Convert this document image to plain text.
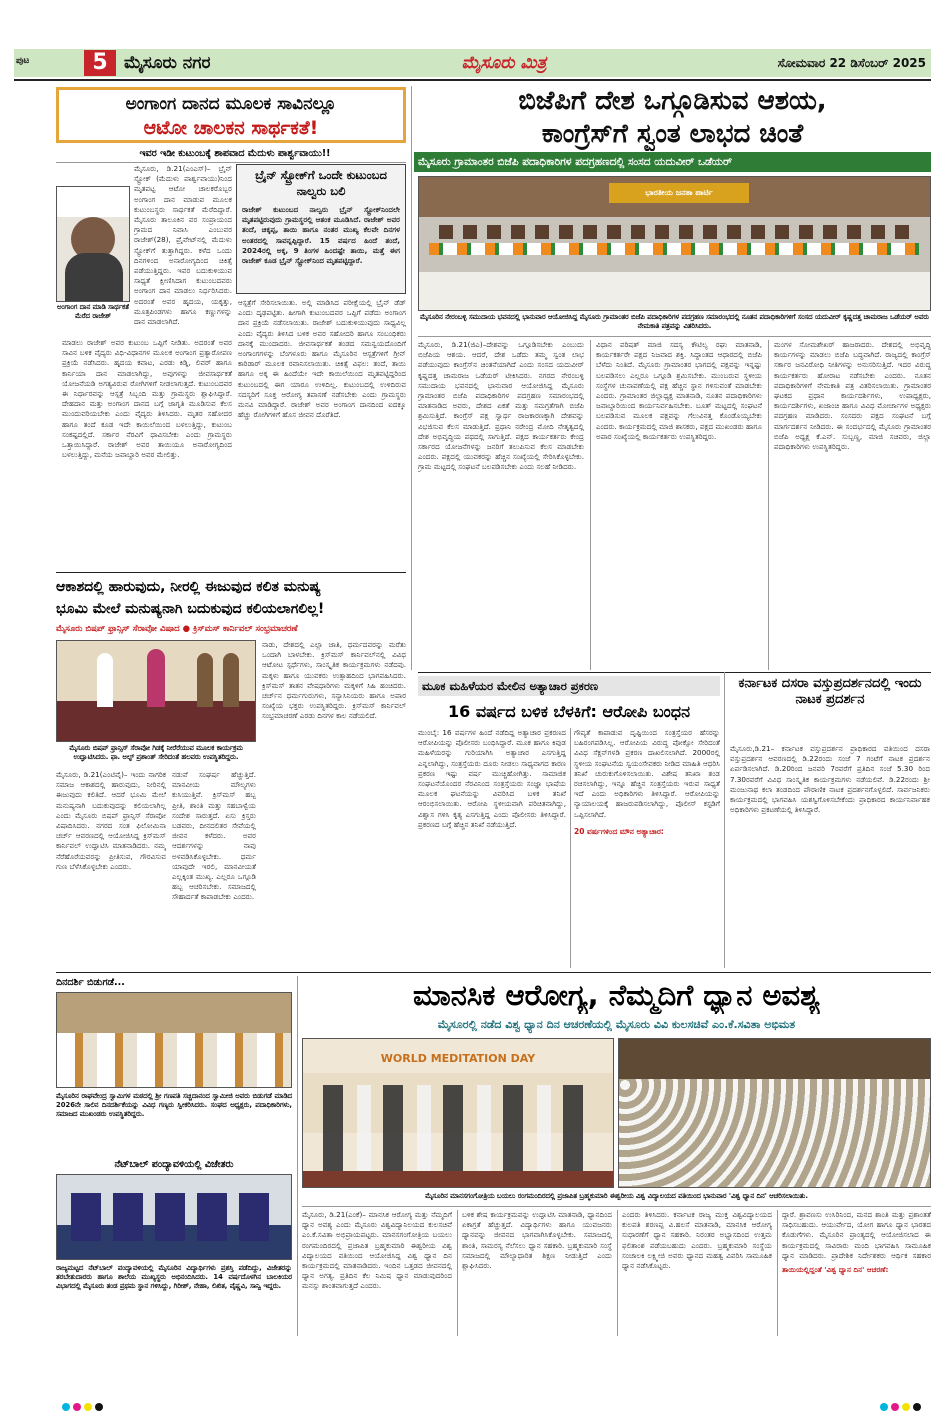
ಪುಟ	5 ಮೈಸೂರು ನಗರ	ಮೈಸೂರು ಮಿತ್ರ	ಸೋಮವಾರ 22 ಡಿಸೆಂಬರ್ 2025
ಅಂಗಾಂಗ ದಾನದ ಮೂಲಕ ಸಾವಿನಲ್ಲೂ
ಆಟೋ ಚಾಲಕನ ಸಾರ್ಥಕತೆ!
ಇವರ ಇಡೀ ಕುಟುಂಬಕ್ಕೆ ಶಾಪವಾದ ಮೆದುಳು ಪಾರ್ಶ್ವವಾಯು!!
ಅಂಗಾಂಗ ದಾನ ಮಾಡಿ ಸಾರ್ಥಕತೆ ಮೆರೆದ ರಾಜೇಶ್
ಮೈಸೂರು, ಡಿ.21(ಎಂಎಸ್‌)– ಬ್ರೈನ್‌ ಸ್ಟ್ರೋಕ್‌ (ಮೆದುಳು ಪಾರ್ಶ್ವವಾಯು)ನಿಂದ ಮೃತಪಟ್ಟ ಆಟೋ ಚಾಲಕರೊಬ್ಬರ ಅಂಗಾಂಗ ದಾನ ಮಾಡುವ ಮೂಲಕ ಕುಟುಂಬಸ್ಥರು ಸಾರ್ಥಕತೆ ಮೆರೆದಿದ್ದಾರೆ. ಮೈಸೂರು ತಾಲೂಕಿನ ವರ ಸಂಪ್ರಾಯಂದ ಗ್ರಾಮದ ನಿವಾಸಿ ಎಂಬುವರ ರಾಜೇಶ್‌(28), ಪ್ರೈವೇಟ್‌ನಲ್ಲಿ ಮೆದುಳು ಸ್ಟ್ರೋಕ್‌ಗೆ ತುತ್ತಾಗಿದ್ದರು. ಕಳೆದ ಒಂದು ದಿನಗಳಿಂದ ಅನಾರೋಗ್ಯದಿಂದ ಚಿಕಿತ್ಸೆ ಪಡೆಯುತ್ತಿದ್ದರು. ಇವರ ಬದುಕುಳಿಯುವ ಸಾಧ್ಯತೆ ಕ್ಷೀಣಿಸಿದಾಗ ಕುಟುಂಬದವರು ಅಂಗಾಂಗ ದಾನ ಮಾಡಲು ನಿರ್ಧರಿಸಿದರು. ಅದರಂತೆ ಅವರ ಹೃದಯ, ಯಕೃತ್ತು, ಮೂತ್ರಪಿಂಡಗಳು ಹಾಗೂ ಕಣ್ಣುಗಳನ್ನು ದಾನ ಮಾಡಲಾಗಿದೆ.
ಮಾಡಲು ರಾಜೇಶ್ ಅವರ ಕುಟುಂಬ ಒಪ್ಪಿಗೆ ನೀಡಿತು. ಅದರಂತೆ ಅವರ ಸಾವಿನ ಬಳಿಕ ವೈದ್ಯರು ವಿಧಿ-ವಿಧಾನಗಳ ಮೂಲಕ ಅಂಗಾಂಗ ಪ್ರತ್ಯಾರೋಪಣ ಪ್ರಕ್ರಿಯೆ ನಡೆಸಿದರು. ಹೃದಯ ಕವಾಟ, ಎರಡು ಕಿಡ್ನಿ, ಲಿವರ್‌ ಹಾಗೂ ಕಾರ್ನಿಯಾ ದಾನ ಮಾಡಲಾಗಿದ್ದು, ಅವುಗಳನ್ನು ಜೀವಸಾರ್ಥಕತೆ ಯೋಜನೆಯಡಿ ಅಗತ್ಯವಿರುವ ರೋಗಿಗಳಿಗೆ ನೀಡಲಾಗುತ್ತದೆ. ಕುಟುಂಬದವರ ಈ ನಿರ್ಧಾರವನ್ನು ಆಸ್ಪತ್ರೆ ಸಿಬ್ಬಂದಿ ಮತ್ತು ಗ್ರಾಮಸ್ಥರು ಶ್ಲಾಘಿಸಿದ್ದಾರೆ. ದೇಹದಾನ ಮತ್ತು ಅಂಗಾಂಗ ದಾನದ ಬಗ್ಗೆ ಜಾಗೃತಿ ಮೂಡಿಸುವ ಕೆಲಸ ಮುಂದುವರಿಯಬೇಕು ಎಂದು ವೈದ್ಯರು ತಿಳಿಸಿದರು. ಮೃತರ ಸಹೋದರ ಹಾಗೂ ತಂದೆ ಕೂಡ ಇದೇ ಕಾಯಿಲೆಯಿಂದ ಬಳಲುತ್ತಿದ್ದು, ಕುಟುಂಬ ಸಂಕಷ್ಟದಲ್ಲಿದೆ. ಸರ್ಕಾರ ನೆರವಿಗೆ ಧಾವಿಸಬೇಕು ಎಂದು ಗ್ರಾಮಸ್ಥರು ಒತ್ತಾಯಿಸಿದ್ದಾರೆ. ರಾಜೇಶ್ ಅವರ ತಾಯಿಯೂ ಅನಾರೋಗ್ಯದಿಂದ ಬಳಲುತ್ತಿದ್ದು, ಮನೆಯ ಜವಾಬ್ದಾರಿ ಅವರ ಮೇಲಿತ್ತು.
ಬ್ರೈನ್‌ ಸ್ಟ್ರೋಕ್‌ಗೆ ಒಂದೇ ಕುಟುಂಬದ ನಾಲ್ವರು ಬಲಿ
ರಾಜೇಶ್‌ ಕುಟುಂಬದ ನಾಲ್ವರು ಬ್ರೈನ್‌ ಸ್ಟ್ರೋಕ್‌ನಿಂದಲೇ ಮೃತಪಟ್ಟಿರುವುದು ಗ್ರಾಮಸ್ಥರಲ್ಲಿ ಆತಂಕ ಮೂಡಿಸಿದೆ. ರಾಜೇಶ್‌ ಅವರ ತಂದೆ, ಚಿಕ್ಕಪ್ಪ, ತಾಯಿ ಹಾಗೂ ನಂತರ ಮುಖ್ಯ ಕೆಲವೇ ದಿನಗಳ ಅಂತರದಲ್ಲಿ ಸಾವನ್ನಪ್ಪಿದ್ದಾರೆ. 15 ವರ್ಷದ ಹಿಂದೆ ತಂದೆ, 2024ರಲ್ಲಿ ಅಕ್ಕ, 9 ತಿಂಗಳ ಹಿಂದಷ್ಟೇ ತಾಯಿ, ಮತ್ತೆ ಈಗ ರಾಜೇಶ್‌ ಕೂಡ ಬ್ರೈನ್‌ ಸ್ಟ್ರೋಕ್‌ನಿಂದ ಮೃತಪಟ್ಟಿದ್ದಾರೆ.
ಆಸ್ಪತ್ರೆಗೆ ಸೇರಿಸಲಾಯಿತು. ಅಲ್ಲಿ ಮಾಡಿಸಿದ ಪರೀಕ್ಷೆಯಲ್ಲಿ ಬ್ರೈನ್‌ ಡೆಡ್‌ ಎಂದು ದೃಢಪಟ್ಟಿತು. ಹೀಗಾಗಿ ಕುಟುಂಬದವರ ಒಪ್ಪಿಗೆ ಪಡೆದು ಅಂಗಾಂಗ ದಾನ ಪ್ರಕ್ರಿಯೆ ನಡೆಸಲಾಯಿತು. ರಾಜೇಶ್‌ ಬದುಕುಳಿಯುವುದು ಸಾಧ್ಯವಿಲ್ಲ ಎಂದು ವೈದ್ಯರು ತಿಳಿಸಿದ ಬಳಿಕ ಅವರ ಸಹೋದರಿ ಹಾಗೂ ಸಂಬಂಧಿಕರು ದಾನಕ್ಕೆ ಮುಂದಾದರು. ಜೀವಸಾರ್ಥಕತೆ ತಂಡದ ಸಮನ್ವಯದೊಂದಿಗೆ ಅಂಗಾಂಗಗಳನ್ನು ಬೆಂಗಳೂರು ಹಾಗೂ ಮೈಸೂರಿನ ಆಸ್ಪತ್ರೆಗಳಿಗೆ ಗ್ರೀನ್‌ ಕಾರಿಡಾರ್‌ ಮೂಲಕ ರವಾನಿಸಲಾಯಿತು. ಚಿಕಿತ್ಸೆ ವಿಫಲ: ತಂದೆ, ತಾಯಿ ಹಾಗೂ ಅಕ್ಕ ಈ ಹಿಂದೆಯೇ ಇದೇ ಕಾಯಿಲೆಯಿಂದ ಮೃತಪಟ್ಟಿದ್ದರಿಂದ ಕುಟುಂಬದಲ್ಲಿ ಈಗ ಯಾರೂ ಉಳಿದಿಲ್ಲ. ಕುಟುಂಬದಲ್ಲಿ ಉಳಿದಿರುವ ಸದಸ್ಯರಿಗೆ ಸೂಕ್ತ ಆರೋಗ್ಯ ತಪಾಸಣೆ ನಡೆಸಬೇಕು ಎಂದು ಗ್ರಾಮಸ್ಥರು ಮನವಿ ಮಾಡಿದ್ದಾರೆ. ರಾಜೇಶ್‌ ಅವರ ಅಂಗಾಂಗ ದಾನದಿಂದ ಐದಕ್ಕೂ ಹೆಚ್ಚು ರೋಗಿಗಳಿಗೆ ಹೊಸ ಜೀವನ ದೊರೆತಿದೆ.
ಬಿಜೆಪಿಗೆ ದೇಶ ಒಗ್ಗೂಡಿಸುವ ಆಶಯ,
ಕಾಂಗ್ರೆಸ್‌ಗೆ ಸ್ವಂತ ಲಾಭದ ಚಿಂತೆ
ಮೈಸೂರು ಗ್ರಾಮಾಂತರ ಬಿಜೆಪಿ ಪದಾಧಿಕಾರಿಗಳ ಪದಗ್ರಹಣದಲ್ಲಿ ಸಂಸದ ಯದುವೀರ್‌ ಒಡೆಯರ್‌
ಭಾರತೀಯ ಜನತಾ ಪಾರ್ಟಿ
ಮೈಸೂರಿನ ನೇರಂಬಳ್ಳಿ ಸಮುದಾಯ ಭವನದಲ್ಲಿ ಭಾನುವಾರ ಆಯೋಜಿಸಿದ್ದ ಮೈಸೂರು ಗ್ರಾಮಾಂತರ ಬಿಜೆಪಿ ಪದಾಧಿಕಾರಿಗಳ ಪದಗ್ರಹಣ ಸಮಾರಂಭದಲ್ಲಿ ನೂತನ ಪದಾಧಿಕಾರಿಗಳಿಗೆ ಸಂಸದ ಯದುವೀರ್‌ ಕೃಷ್ಣದತ್ತ ಚಾಮರಾಜ ಒಡೆಯರ್‌ ಅವರು ನೇಮಕಾತಿ ಪತ್ರವನ್ನು ವಿತರಿಸಿದರು.
ಮೈಸೂರು, ಡಿ.21(ಜಿಎ)–ದೇಶವನ್ನು ಒಗ್ಗೂಡಿಸಬೇಕು ಎಂಬುದು ಬಿಜೆಪಿಯ ಆಶಯ. ಆದರೆ, ದೇಶ ಒಡೆದು ತಮ್ಮ ಸ್ವಂತ ಲಾಭ ಪಡೆಯುವುದು ಕಾಂಗ್ರೆಸ್‌ನ ಚಿಂತನೆಯಾಗಿದೆ ಎಂದು ಸಂಸದ ಯದುವೀರ್‌ ಕೃಷ್ಣದತ್ತ ಚಾಮರಾಜ ಒಡೆಯರ್‌ ಟೀಕಿಸಿದರು. ನಗರದ ನೇರಂಬಳ್ಳಿ ಸಮುದಾಯ ಭವನದಲ್ಲಿ ಭಾನುವಾರ ಆಯೋಜಿಸಿದ್ದ ಮೈಸೂರು ಗ್ರಾಮಾಂತರ ಬಿಜೆಪಿ ಪದಾಧಿಕಾರಿಗಳ ಪದಗ್ರಹಣ ಸಮಾರಂಭದಲ್ಲಿ ಮಾತನಾಡಿದ ಅವರು, ದೇಶದ ಏಕತೆ ಮತ್ತು ಸಮಗ್ರತೆಗಾಗಿ ಬಿಜೆಪಿ ಶ್ರಮಿಸುತ್ತಿದೆ. ಕಾಂಗ್ರೆಸ್‌ ಪಕ್ಷ ಸ್ವಾರ್ಥ ರಾಜಕಾರಣಕ್ಕಾಗಿ ದೇಶವನ್ನು ವಿಭಜಿಸುವ ಕೆಲಸ ಮಾಡುತ್ತಿದೆ. ಪ್ರಧಾನಿ ನರೇಂದ್ರ ಮೋದಿ ನೇತೃತ್ವದಲ್ಲಿ ದೇಶ ಅಭಿವೃದ್ಧಿಯ ಪಥದಲ್ಲಿ ಸಾಗುತ್ತಿದೆ. ಪಕ್ಷದ ಕಾರ್ಯಕರ್ತರು ಕೇಂದ್ರ ಸರ್ಕಾರದ ಯೋಜನೆಗಳನ್ನು ಜನರಿಗೆ ತಲುಪಿಸುವ ಕೆಲಸ ಮಾಡಬೇಕು ಎಂದರು. ಪಕ್ಷದಲ್ಲಿ ಯುವಕರನ್ನು ಹೆಚ್ಚಿನ ಸಂಖ್ಯೆಯಲ್ಲಿ ಸೇರಿಸಿಕೊಳ್ಳಬೇಕು. ಗ್ರಾಮ ಮಟ್ಟದಲ್ಲಿ ಸಂಘಟನೆ ಬಲಪಡಿಸಬೇಕು ಎಂದು ಸಲಹೆ ನೀಡಿದರು.
ವಿಧಾನ ಪರಿಷತ್‌ ಮಾಜಿ ಸದಸ್ಯ ಕೌಟಿಲ್ಯ ರಘು ಮಾತನಾಡಿ, ಕಾರ್ಯಕರ್ತರೇ ಪಕ್ಷದ ನಿಜವಾದ ಶಕ್ತಿ. ಸಿದ್ಧಾಂತದ ಆಧಾರದಲ್ಲಿ ಬಿಜೆಪಿ ಬೆಳೆದು ನಿಂತಿದೆ. ಮೈಸೂರು ಗ್ರಾಮಾಂತರ ಭಾಗದಲ್ಲಿ ಪಕ್ಷವನ್ನು ಇನ್ನಷ್ಟು ಬಲಪಡಿಸಲು ಎಲ್ಲರೂ ಒಗ್ಗೂಡಿ ಶ್ರಮಿಸಬೇಕು. ಮುಂಬರುವ ಸ್ಥಳೀಯ ಸಂಸ್ಥೆಗಳ ಚುನಾವಣೆಯಲ್ಲಿ ಪಕ್ಷ ಹೆಚ್ಚಿನ ಸ್ಥಾನ ಗಳಿಸುವಂತೆ ಮಾಡಬೇಕು ಎಂದರು. ಗ್ರಾಮಾಂತರ ಜಿಲ್ಲಾಧ್ಯಕ್ಷ ಮಾತನಾಡಿ, ನೂತನ ಪದಾಧಿಕಾರಿಗಳು ಜವಾಬ್ದಾರಿಯಿಂದ ಕಾರ್ಯನಿರ್ವಹಿಸಬೇಕು. ಬೂತ್‌ ಮಟ್ಟದಲ್ಲಿ ಸಂಘಟನೆ ಬಲಪಡಿಸುವ ಮೂಲಕ ಪಕ್ಷವನ್ನು ಗೆಲುವಿನತ್ತ ಕೊಂಡೊಯ್ಯಬೇಕು ಎಂದರು. ಕಾರ್ಯಕ್ರಮದಲ್ಲಿ ಮಾಜಿ ಶಾಸಕರು, ಪಕ್ಷದ ಮುಖಂಡರು ಹಾಗೂ ಅಪಾರ ಸಂಖ್ಯೆಯಲ್ಲಿ ಕಾರ್ಯಕರ್ತರು ಉಪಸ್ಥಿತರಿದ್ದರು.
ಮಂಗಳ ಸೋಮಶೇಖರ್‌ ಹಾಜರಾದರು. ದೇಶದಲ್ಲಿ ಅಭಿವೃದ್ಧಿ ಕಾರ್ಯಗಳನ್ನು ಮಾಡಲು ಬಿಜೆಪಿ ಬದ್ಧವಾಗಿದೆ. ರಾಜ್ಯದಲ್ಲಿ ಕಾಂಗ್ರೆಸ್‌ ಸರ್ಕಾರ ಜನವಿರೋಧಿ ನೀತಿಗಳನ್ನು ಅನುಸರಿಸುತ್ತಿದೆ. ಇದರ ವಿರುದ್ಧ ಕಾರ್ಯಕರ್ತರು ಹೋರಾಟ ನಡೆಸಬೇಕು ಎಂದರು. ನೂತನ ಪದಾಧಿಕಾರಿಗಳಿಗೆ ನೇಮಕಾತಿ ಪತ್ರ ವಿತರಿಸಲಾಯಿತು. ಗ್ರಾಮಾಂತರ ಘಟಕದ ಪ್ರಧಾನ ಕಾರ್ಯದರ್ಶಿಗಳು, ಉಪಾಧ್ಯಕ್ಷರು, ಕಾರ್ಯದರ್ಶಿಗಳು, ಖಜಾಂಚಿ ಹಾಗೂ ವಿವಿಧ ಮೋರ್ಚಾಗಳ ಅಧ್ಯಕ್ಷರು ಪದಗ್ರಹಣ ಮಾಡಿದರು. ಸಂಸದರು ಪಕ್ಷದ ಸಂಘಟನೆ ಬಗ್ಗೆ ಮಾರ್ಗದರ್ಶನ ನೀಡಿದರು. ಈ ಸಂದರ್ಭದಲ್ಲಿ ಮೈಸೂರು ಗ್ರಾಮಾಂತರ ಬಿಜೆಪಿ ಅಧ್ಯಕ್ಷ ಕೆ.ಎನ್‌. ಸುಬ್ಬಣ್ಣ, ಮಾಜಿ ಸಚಿವರು, ಜಿಲ್ಲಾ ಪದಾಧಿಕಾರಿಗಳು ಉಪಸ್ಥಿತರಿದ್ದರು.
ಆಕಾಶದಲ್ಲಿ ಹಾರುವುದು, ನೀರಲ್ಲಿ ಈಜುವುದ ಕಲಿತ ಮನುಷ್ಯ
ಭೂಮಿ ಮೇಲೆ ಮನುಷ್ಯನಾಗಿ ಬದುಕುವುದ ಕಲಿಯಲಾಗಲಿಲ್ಲ!
ಮೈಸೂರು ಬಿಷಪ್‌ ಫ್ರಾನ್ಸಿಸ್‌ ಸೆರಾವೋ ವಿಷಾದ ● ಕ್ರಿಸ್‌ಮಸ್‌ ಕಾರ್ನಿವಲ್‌ ಸಂಭ್ರಮಾಚರಣೆ
ಮೈಸೂರು ಬಿಷಪ್‌ ಫ್ರಾನ್ಸಿಸ್‌ ಸೆರಾವೋ ಗಿಡಕ್ಕೆ ನೀರೆರೆಯುವ ಮೂಲಕ ಕಾರ್ಯಕ್ರಮ ಉದ್ಘಾಟಿಸಿದರು. ಫಾ. ಅಲ್ಫ್‌ ಪ್ರಶಾಂತ್‌ ಸೇರಿದಂತೆ ಹಲವರು ಉಪಸ್ಥಿತರಿದ್ದರು.
ಮೈಸೂರು, ಡಿ.21(ಎಂಟಿವೈ)– ಇಂದು ನಾಗರಿಕ ಸಮಾಜ ಆಕಾಶದಲ್ಲಿ ಹಾರುವುದು, ನೀರಿನಲ್ಲಿ ಈಜುವುದು ಕಲಿತಿದೆ. ಆದರೆ ಭೂಮಿ ಮೇಲೆ ಮನುಷ್ಯನಾಗಿ ಬದುಕುವುದನ್ನು ಕಲಿಯಲಾಗಿಲ್ಲ ಎಂದು ಮೈಸೂರು ಬಿಷಪ್‌ ಫ್ರಾನ್ಸಿಸ್‌ ಸೆರಾವೋ ವಿಷಾದಿಸಿದರು. ನಗರದ ಸಂತ ಫಿಲೋಮಿನಾ ಚರ್ಚ್‌ ಆವರಣದಲ್ಲಿ ಆಯೋಜಿಸಿದ್ದ ಕ್ರಿಸ್‌ಮಸ್‌ ಕಾರ್ನಿವಲ್‌ ಉದ್ಘಾಟಿಸಿ ಮಾತನಾಡಿದರು. ನಮ್ಮ ನೆರೆಹೊರೆಯವರನ್ನು ಪ್ರೀತಿಸುವ, ಗೌರವಿಸುವ ಗುಣ ಬೆಳೆಸಿಕೊಳ್ಳಬೇಕು ಎಂದರು.
ನಡುವೆ ಸಂಘರ್ಷ ಹೆಚ್ಚುತ್ತಿದೆ. ಮಾನವೀಯ ಮೌಲ್ಯಗಳು ಕುಸಿಯುತ್ತಿವೆ. ಕ್ರಿಸ್‌ಮಸ್‌ ಹಬ್ಬ ಪ್ರೀತಿ, ಶಾಂತಿ ಮತ್ತು ಸಹಬಾಳ್ವೆಯ ಸಂದೇಶ ಸಾರುತ್ತದೆ. ಏಸು ಕ್ರಿಸ್ತರು ಬಡವರು, ದೀನದಲಿತರ ಸೇವೆಯಲ್ಲಿ ಜೀವನ ಕಳೆದರು. ಅವರ ಆದರ್ಶಗಳನ್ನು ನಾವು ಅಳವಡಿಸಿಕೊಳ್ಳಬೇಕು. ಧರ್ಮ ಯಾವುದೇ ಇರಲಿ, ಮಾನವೀಯತೆ ಎಲ್ಲಕ್ಕಿಂತ ಮುಖ್ಯ. ಎಲ್ಲರೂ ಒಗ್ಗೂಡಿ ಹಬ್ಬ ಆಚರಿಸಬೇಕು. ಸಮಾಜದಲ್ಲಿ ಸೌಹಾರ್ದತೆ ಕಾಪಾಡಬೇಕು ಎಂದರು.
ನಾಡು, ದೇಶದಲ್ಲಿ ಎಲ್ಲಾ ಜಾತಿ, ಧರ್ಮದವರನ್ನು ಮರೆತು ಒಂದಾಗಿ ಬಾಳಬೇಕು. ಕ್ರಿಸ್‌ಮಸ್‌ ಕಾರ್ನಿವಲ್‌ನಲ್ಲಿ ವಿವಿಧ ಆಟೋಟ ಸ್ಪರ್ಧೆಗಳು, ಸಾಂಸ್ಕೃತಿಕ ಕಾರ್ಯಕ್ರಮಗಳು ನಡೆದವು. ಮಕ್ಕಳು ಹಾಗೂ ಯುವಕರು ಉತ್ಸಾಹದಿಂದ ಭಾಗವಹಿಸಿದರು. ಕ್ರಿಸ್‌ಮಸ್‌ ತಾತನ ವೇಷಧಾರಿಗಳು ಮಕ್ಕಳಿಗೆ ಸಿಹಿ ಹಂಚಿದರು. ಚರ್ಚ್‌ನ ಧರ್ಮಗುರುಗಳು, ಸನ್ಯಾಸಿನಿಯರು ಹಾಗೂ ಅಪಾರ ಸಂಖ್ಯೆಯ ಭಕ್ತರು ಉಪಸ್ಥಿತರಿದ್ದರು. ಕ್ರಿಸ್‌ಮಸ್‌ ಕಾರ್ನಿವಲ್‌ ಸಂಭ್ರಮಾಚರಣೆ ಎರಡು ದಿನಗಳ ಕಾಲ ನಡೆಯಲಿದೆ.
ಮೂಕ ಮಹಿಳೆಯರ ಮೇಲಿನ ಅತ್ಯಾಚಾರ ಪ್ರಕರಣ
16 ವರ್ಷದ ಬಳಿಕ ಬೆಳಕಿಗೆ: ಆರೋಪಿ ಬಂಧನ
ಮುಂಬೈ: 16 ವರ್ಷಗಳ ಹಿಂದೆ ನಡೆದಿದ್ದ ಅತ್ಯಾಚಾರ ಪ್ರಕರಣದ ಆರೋಪಿಯನ್ನು ಪೊಲೀಸರು ಬಂಧಿಸಿದ್ದಾರೆ. ಮೂಕ ಹಾಗೂ ಕಿವುಡ ಮಹಿಳೆಯರನ್ನು ಗುರಿಯಾಗಿಸಿ ಅತ್ಯಾಚಾರ ಎಸಗುತ್ತಿದ್ದ ಎನ್ನಲಾಗಿದ್ದು, ಸಂತ್ರಸ್ತೆಯರು ದೂರು ನೀಡಲು ಸಾಧ್ಯವಾಗದ ಕಾರಣ ಪ್ರಕರಣ ಇಷ್ಟು ವರ್ಷ ಮುಚ್ಚಿಹೋಗಿತ್ತು. ಸಾಮಾಜಿಕ ಸಂಘಟನೆಯೊಂದರ ನೆರವಿನಿಂದ ಸಂತ್ರಸ್ತೆಯರು ಸಂಜ್ಞಾ ಭಾಷೆಯ ಮೂಲಕ ಘಟನೆಯನ್ನು ವಿವರಿಸಿದ ಬಳಿಕ ತನಿಖೆ ಆರಂಭಿಸಲಾಯಿತು. ಆರೋಪಿ ಸ್ಥಳೀಯವಾಗಿ ಪರಿಚಿತನಾಗಿದ್ದು, ವಿಶ್ವಾಸ ಗಳಿಸಿ ಕೃತ್ಯ ಎಸಗುತ್ತಿದ್ದ ಎಂದು ಪೊಲೀಸರು ತಿಳಿಸಿದ್ದಾರೆ. ಪ್ರಕರಣದ ಬಗ್ಗೆ ಹೆಚ್ಚಿನ ತನಿಖೆ ನಡೆಯುತ್ತಿದೆ.
20 ವರ್ಷಗಳಿಂದ ಮೌನ ಅತ್ಯಾಚಾರ:
ಗೌಪ್ಯತೆ ಕಾಪಾಡುವ ದೃಷ್ಟಿಯಿಂದ ಸಂತ್ರಸ್ತೆಯರ ಹೆಸರನ್ನು ಬಹಿರಂಗಪಡಿಸಿಲ್ಲ. ಆರೋಪಿಯ ವಿರುದ್ಧ ಪೋಕ್ಸೋ ಸೇರಿದಂತೆ ವಿವಿಧ ಸೆಕ್ಷನ್‌ಗಳಡಿ ಪ್ರಕರಣ ದಾಖಲಿಸಲಾಗಿದೆ. 2000ರಲ್ಲಿ ಸ್ಥಳೀಯ ಸಂಘಟನೆಯ ಸ್ವಯಂಸೇವಕರು ನೀಡಿದ ಮಾಹಿತಿ ಆಧರಿಸಿ ತನಿಖೆ ಚುರುಕುಗೊಳಿಸಲಾಯಿತು. ವಿಶೇಷ ತನಿಖಾ ತಂಡ ರಚಿಸಲಾಗಿದ್ದು, ಇನ್ನೂ ಹೆಚ್ಚಿನ ಸಂತ್ರಸ್ತೆಯರು ಇರುವ ಸಾಧ್ಯತೆ ಇದೆ ಎಂದು ಅಧಿಕಾರಿಗಳು ತಿಳಿಸಿದ್ದಾರೆ. ಆರೋಪಿಯನ್ನು ನ್ಯಾಯಾಲಯಕ್ಕೆ ಹಾಜರುಪಡಿಸಲಾಗಿದ್ದು, ಪೊಲೀಸ್‌ ಕಸ್ಟಡಿಗೆ ಒಪ್ಪಿಸಲಾಗಿದೆ.
ಕರ್ನಾಟಕ ದಸರಾ ವಸ್ತುಪ್ರದರ್ಶನದಲ್ಲಿ ಇಂದು ನಾಟಕ ಪ್ರದರ್ಶನ
ಮೈಸೂರು,ಡಿ.21– ಕರ್ನಾಟಕ ವಸ್ತುಪ್ರದರ್ಶನ ಪ್ರಾಧಿಕಾರದ ವತಿಯಿಂದ ದಸರಾ ವಸ್ತುಪ್ರದರ್ಶನ ಆವರಣದಲ್ಲಿ ಡಿ.22ರಂದು ಸಂಜೆ 7 ಗಂಟೆಗೆ ನಾಟಕ ಪ್ರದರ್ಶನ ಏರ್ಪಡಿಸಲಾಗಿದೆ. ಡಿ.20ರಿಂದ ಜನವರಿ 7ರವರೆಗೆ ಪ್ರತಿದಿನ ಸಂಜೆ 5.30 ರಿಂದ 7.30ರವರೆಗೆ ವಿವಿಧ ಸಾಂಸ್ಕೃತಿಕ ಕಾರ್ಯಕ್ರಮಗಳು ನಡೆಯಲಿವೆ. ಡಿ.22ರಂದು ಶ್ರೀ ಮಂಜುನಾಥ ಕಲಾ ತಂಡದಿಂದ ಪೌರಾಣಿಕ ನಾಟಕ ಪ್ರದರ್ಶನಗೊಳ್ಳಲಿದೆ. ಸಾರ್ವಜನಿಕರು ಕಾರ್ಯಕ್ರಮದಲ್ಲಿ ಭಾಗವಹಿಸಿ ಯಶಸ್ವಿಗೊಳಿಸಬೇಕೆಂದು ಪ್ರಾಧಿಕಾರದ ಕಾರ್ಯನಿರ್ವಾಹಕ ಅಧಿಕಾರಿಗಳು ಪ್ರಕಟಣೆಯಲ್ಲಿ ತಿಳಿಸಿದ್ದಾರೆ.
ದಿನದರ್ಶಿ ಬಿಡುಗಡೆ...
ಮೈಸೂರಿನ ರಾಘವೇಂದ್ರ ಸ್ವಾಮಿಗಳ ಮಠದಲ್ಲಿ ಶ್ರೀ ಗಣಪತಿ ಸಚ್ಚಿದಾನಂದ ಸ್ವಾಮೀಜಿ ಅವರು ಬಿಡುಗಡೆ ಮಾಡಿದ 2026ನೇ ಸಾಲಿನ ದಿನದರ್ಶಿಕೆಯನ್ನು ವಿವಿಧ ಗಣ್ಯರು ಸ್ವೀಕರಿಸಿದರು. ಸಂಘದ ಅಧ್ಯಕ್ಷರು, ಪದಾಧಿಕಾರಿಗಳು, ಸಮಾಜದ ಮುಖಂಡರು ಉಪಸ್ಥಿತರಿದ್ದರು.
ನೆಟ್‌ಬಾಲ್‌ ಪಂದ್ಯಾವಳಿಯಲ್ಲಿ ವಿಜೇತರು
ರಾಜ್ಯಮಟ್ಟದ ನೆಟ್‌ಬಾಲ್‌ ಪಂದ್ಯಾವಳಿಯಲ್ಲಿ ಮೈಸೂರಿನ ವಿದ್ಯಾರ್ಥಿಗಳು ಪ್ರಶಸ್ತಿ ಪಡೆದಿದ್ದು, ವಿಜೇತರನ್ನು ತರಬೇತುದಾರರು ಹಾಗೂ ಶಾಲೆಯ ಮುಖ್ಯಸ್ಥರು ಅಭಿನಂದಿಸಿದರು. 14 ವರ್ಷದೊಳಗಿನ ಬಾಲಕಿಯರ ವಿಭಾಗದಲ್ಲಿ ಮೈಸೂರು ತಂಡ ಪ್ರಥಮ ಸ್ಥಾನ ಗಳಿಸಿದ್ದು, ಗಿರೀಶ್‌, ನೇಹಾ, ಲಿಖಿತ, ವೈಷ್ಣವಿ, ಸಾನ್ವಿ ಇದ್ದರು.
ಮಾನಸಿಕ ಆರೋಗ್ಯ, ನೆಮ್ಮದಿಗೆ ಧ್ಯಾನ ಅವಶ್ಯ
ಮೈಸೂರಲ್ಲಿ ನಡೆದ ವಿಶ್ವ ಧ್ಯಾನ ದಿನ ಆಚರಣೆಯಲ್ಲಿ ಮೈಸೂರು ವಿವಿ ಕುಲಸಚಿವೆ ಎಂ.ಕೆ.ಸವಿತಾ ಅಭಿಮತ
WORLD MEDITATION DAY
ಮೈಸೂರಿನ ಮಾನಸಗಂಗೋತ್ರಿಯ ಬಯಲು ರಂಗಮಂದಿರದಲ್ಲಿ ಪ್ರಜಾಪಿತ ಬ್ರಹ್ಮಕುಮಾರಿ ಈಶ್ವರೀಯ ವಿಶ್ವ ವಿದ್ಯಾಲಯದ ವತಿಯಿಂದ ಭಾನುವಾರ 'ವಿಶ್ವ ಧ್ಯಾನ ದಿನ' ಆಚರಿಸಲಾಯಿತು.
ಮೈಸೂರು, ಡಿ.21(ಎಂಕೆ)– ಮಾನಸಿಕ ಆರೋಗ್ಯ ಮತ್ತು ನೆಮ್ಮದಿಗೆ ಧ್ಯಾನ ಅವಶ್ಯ ಎಂದು ಮೈಸೂರು ವಿಶ್ವವಿದ್ಯಾನಿಲಯದ ಕುಲಸಚಿವೆ ಎಂ.ಕೆ.ಸವಿತಾ ಅಭಿಪ್ರಾಯಪಟ್ಟರು. ಮಾನಸಗಂಗೋತ್ರಿಯ ಬಯಲು ರಂಗಮಂದಿರದಲ್ಲಿ ಪ್ರಜಾಪಿತ ಬ್ರಹ್ಮಕುಮಾರಿ ಈಶ್ವರೀಯ ವಿಶ್ವ ವಿದ್ಯಾಲಯದ ವತಿಯಿಂದ ಆಯೋಜಿಸಿದ್ದ ವಿಶ್ವ ಧ್ಯಾನ ದಿನ ಕಾರ್ಯಕ್ರಮದಲ್ಲಿ ಮಾತನಾಡಿದರು. ಇಂದಿನ ಒತ್ತಡದ ಜೀವನದಲ್ಲಿ ಧ್ಯಾನ ಅಗತ್ಯ. ಪ್ರತಿದಿನ ಕೆಲ ನಿಮಿಷ ಧ್ಯಾನ ಮಾಡುವುದರಿಂದ ಮನಸ್ಸು ಶಾಂತವಾಗುತ್ತದೆ ಎಂದರು.
ಬಳಿಕ ಶೇಷ ಕಾರ್ಯಕ್ರಮವನ್ನು ಉದ್ಘಾಟಿಸಿ ಮಾತನಾಡಿ, ಧ್ಯಾನದಿಂದ ಏಕಾಗ್ರತೆ ಹೆಚ್ಚುತ್ತದೆ. ವಿದ್ಯಾರ್ಥಿಗಳು ಹಾಗೂ ಯುವಜನರು ಧ್ಯಾನವನ್ನು ಜೀವನದ ಭಾಗವಾಗಿಸಿಕೊಳ್ಳಬೇಕು. ಸಮಾಜದಲ್ಲಿ ಶಾಂತಿ, ಸಾಮರಸ್ಯ ನೆಲೆಸಲು ಧ್ಯಾನ ಸಹಕಾರಿ. ಬ್ರಹ್ಮಕುಮಾರಿ ಸಂಸ್ಥೆ ಸಮಾಜದಲ್ಲಿ ಮೌಲ್ಯಾಧಾರಿತ ಶಿಕ್ಷಣ ನೀಡುತ್ತಿದೆ ಎಂದು ಶ್ಲಾಘಿಸಿದರು.
ಎಂದರು ತಿಳಿಸಿದರು. ಕರ್ನಾಟಕ ರಾಜ್ಯ ಮುಕ್ತ ವಿಶ್ವವಿದ್ಯಾಲಯದ ಕುಲಪತಿ ಶರಣಪ್ಪ ವಿ.ಹಲಸೆ ಮಾತನಾಡಿ, ಮಾನಸಿಕ ಆರೋಗ್ಯ ಸುಧಾರಣೆಗೆ ಧ್ಯಾನ ಸಹಕಾರಿ. ನಿರಂತರ ಅಭ್ಯಾಸದಿಂದ ಉತ್ತಮ ಫಲಿತಾಂಶ ಪಡೆಯಬಹುದು ಎಂದರು. ಬ್ರಹ್ಮಕುಮಾರಿ ಸಂಸ್ಥೆಯ ಸಂಚಾಲಕಿ ಲಕ್ಷ್ಮೀಜಿ ಅವರು ಧ್ಯಾನದ ಮಹತ್ವ ವಿವರಿಸಿ ಸಾಮೂಹಿಕ ಧ್ಯಾನ ನಡೆಸಿಕೊಟ್ಟರು.
ದ್ದಾರೆ. ಶ್ರಾವಣಸು ಉಸಿರಿನಿಂದ, ಮನದ ಶಾಂತಿ ಮತ್ತು ಪ್ರಶಾಂತತೆ ಸಾಧಿಸಬಹುದು. ಆಯುರ್ವೇದ, ಯೋಗ ಹಾಗೂ ಧ್ಯಾನ ಭಾರತದ ಕೊಡುಗೆಗಳು. ಮೈಸೂರಿನ ಪ್ರಾಂತ್ಯದಲ್ಲಿ ಆಯೋಜಿಸಲಾದ ಈ ಕಾರ್ಯಕ್ರಮದಲ್ಲಿ ಸಾವಿರಾರು ಮಂದಿ ಭಾಗವಹಿಸಿ ಸಾಮೂಹಿಕ ಧ್ಯಾನ ಮಾಡಿದರು. ಪ್ರಾದೇಶಿಕ ನಿರ್ದೇಶಕರು ಆರ್ಥಿಕ ಸಹಕಾರ
ತಾಯಿಯಲ್ಲಿದ್ದಂತೆ 'ವಿಶ್ವ ಧ್ಯಾನ ದಿನ' ಆಚರಣೆ:
